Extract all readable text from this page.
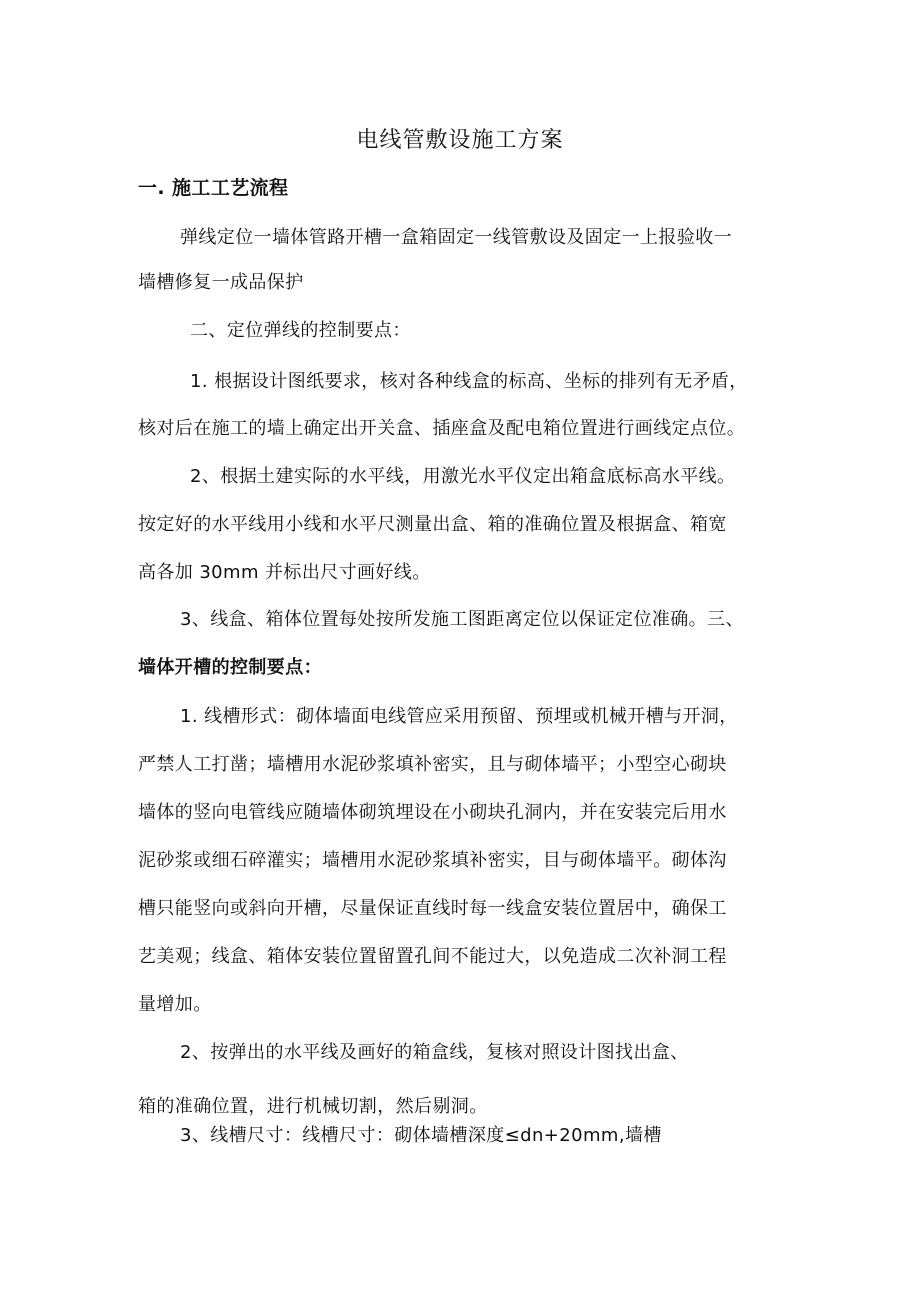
电线管敷设施工方案
一. 施工工艺流程
弹线定位一墙体管路开槽一盒箱固定一线管敷设及固定一上报验收一
墙槽修复一成品保护
二、定位弹线的控制要点：
1. 根据设计图纸要求，核对各种线盒的标高、坐标的排列有无矛盾，
核对后在施工的墙上确定出开关盒、插座盒及配电箱位置进行画线定点位。
2、根据土建实际的水平线，用激光水平仪定出箱盒底标高水平线。
按定好的水平线用小线和水平尺测量出盒、箱的准确位置及根据盒、箱宽
高各加 30mm 并标出尺寸画好线。
3、线盒、箱体位置每处按所发施工图距离定位以保证定位准确。三、
墙体开槽的控制要点：
1. 线槽形式：砌体墙面电线管应采用预留、预埋或机械开槽与开洞，
严禁人工打凿；墙槽用水泥砂浆填补密实，且与砌体墙平；小型空心砌块
墙体的竖向电管线应随墙体砌筑埋设在小砌块孔洞内，并在安装完后用水
泥砂浆或细石碎灌实；墙槽用水泥砂浆填补密实，目与砌体墙平。砌体沟
槽只能竖向或斜向开槽，尽量保证直线时每一线盒安装位置居中，确保工
艺美观；线盒、箱体安装位置留置孔间不能过大，以免造成二次补洞工程
量增加。
2、按弹出的水平线及画好的箱盒线，复核对照设计图找出盒、
箱的准确位置，进行机械切割，然后剔洞。
3、线槽尺寸：线槽尺寸：砌体墙槽深度≤dn+20mm,墙槽
